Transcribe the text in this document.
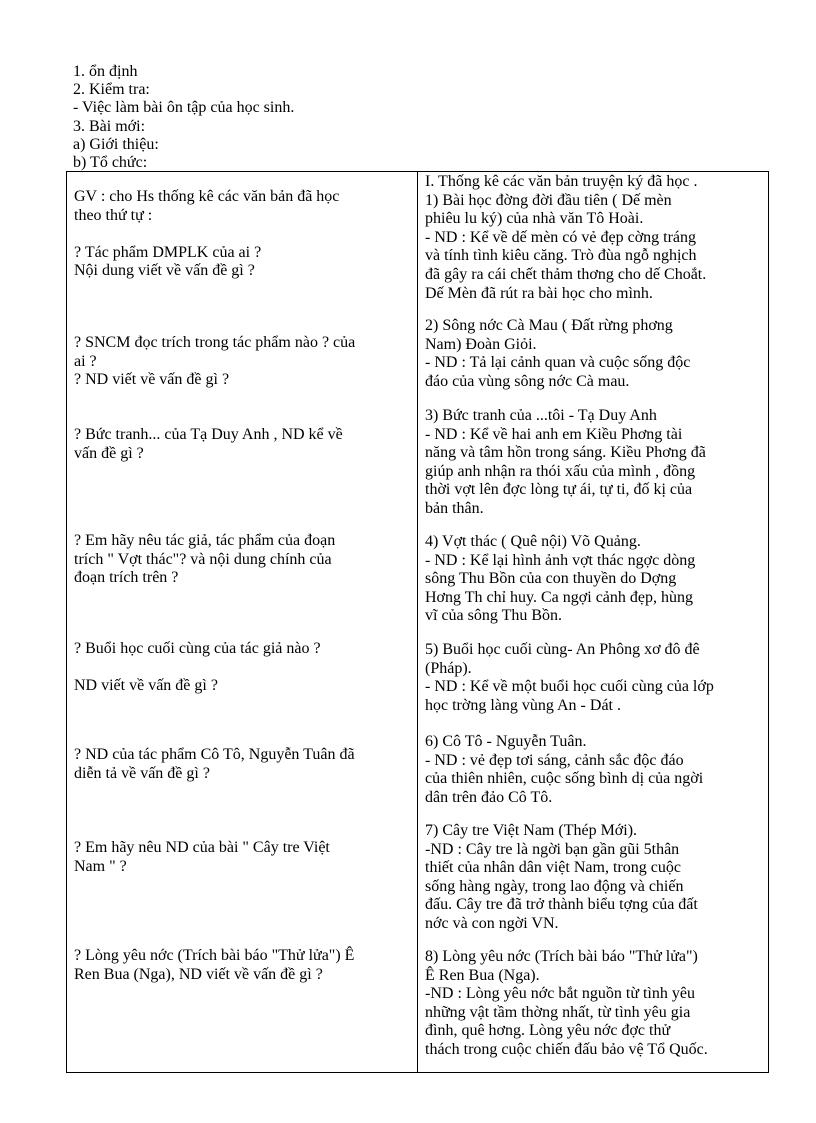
1. ổn định
2. Kiểm tra:
- Việc làm bài ôn tập của học sinh.
3. Bài mới:
a) Giới thiệu:
b) Tổ chức:
GV : cho Hs thống kê các văn bản đã học
theo thứ tự :

? Tác phẩm DMPLK của ai ?
Nội dung viết về vấn đề gì ?
? SNCM đọc trích trong tác phẩm nào ? của
ai ?
? ND viết về vấn đề gì ?
? Bức tranh... của Tạ Duy Anh , ND kể về
vấn đề gì ?
? Em hãy nêu tác giả, tác phẩm của đoạn
trích " Vợt thác"? và nội dung chính của
đoạn trích trên ?
? Buổi học cuối cùng của tác giả nào ?

ND viết về vấn đề gì ?
? ND của tác phẩm Cô Tô, Nguyễn Tuân đã
diễn tả về vấn đề gì ?
? Em hãy nêu ND của bài " Cây tre Việt
Nam " ?
? Lòng yêu nớc (Trích bài báo "Thử lửa") Ê
Ren Bua (Nga), ND viết về vấn đề gì ?

I. Thống kê các văn bản truyện ký đã học .
1) Bài học đờng đời đầu tiên ( Dế mèn
phiêu lu ký) của nhà văn Tô Hoài.
- ND : Kể về dế mèn có vẻ đẹp cờng tráng
và tính tình kiêu căng. Trò đùa ngỗ nghịch
đã gây ra cái chết thảm thơng cho dế Choắt.
Dế Mèn đã rút ra bài học cho mình.
2) Sông nớc Cà Mau ( Đất rừng phơng
Nam) Đoàn Giỏi.
- ND : Tả lại cảnh quan và cuộc sống độc
đáo của vùng sông nớc Cà mau.
3) Bức tranh của ...tôi - Tạ Duy Anh
- ND : Kể về hai anh em Kiều Phơng tài
năng và tâm hồn trong sáng. Kiều Phơng đã
giúp anh nhận ra thói xấu của mình , đồng
thời vợt lên đợc lòng tự ái, tự ti, đố kị của
bản thân.
4) Vợt thác ( Quê nội) Võ Quảng.
- ND : Kể lại hình ảnh vợt thác ngợc dòng
sông Thu Bồn của con thuyền do Dợng
Hơng Th chỉ huy. Ca ngợi cảnh đẹp, hùng
vĩ của sông Thu Bồn.
5) Buổi học cuối cùng- An Phông xơ đô đê
(Pháp).
- ND : Kể về một buổi học cuối cùng của lớp
học trờng làng vùng An - Dát .
6) Cô Tô - Nguyễn Tuân.
- ND : vẻ đẹp tơi sáng, cảnh sắc độc đáo
của thiên nhiên, cuộc sống bình dị của ngời
dân trên đảo Cô Tô.
7) Cây tre Việt Nam (Thép Mới).
-ND : Cây tre là ngời bạn gần gũi 5thân
thiết của nhân dân việt Nam, trong cuộc
sống hàng ngày, trong lao động và chiến
đấu. Cây tre đã trở thành biểu tợng của đất
nớc và con ngời VN.
8) Lòng yêu nớc (Trích bài báo "Thử lửa")
Ê Ren Bua (Nga).
-ND : Lòng yêu nớc bắt nguồn từ tình yêu
những vật tầm thờng nhất, từ tình yêu gia
đình, quê hơng. Lòng yêu nớc đợc thử
thách trong cuộc chiến đấu bảo vệ Tổ Quốc.
